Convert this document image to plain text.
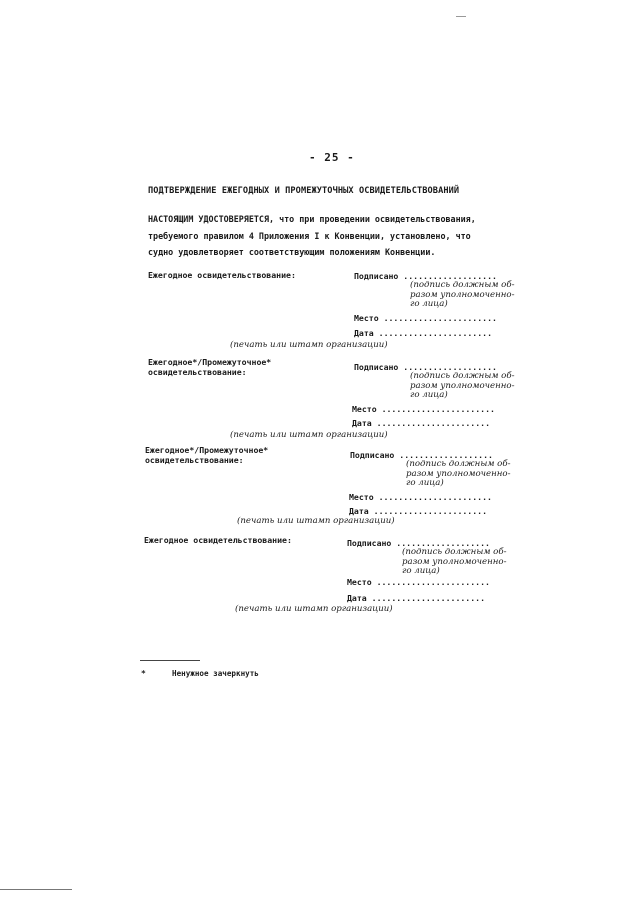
- 25 -
ПОДТВЕРЖДЕНИЕ ЕЖЕГОДНЫХ И ПРОМЕЖУТОЧНЫХ ОСВИДЕТЕЛЬСТВОВАНИЙ
НАСТОЯЩИМ УДОСТОВЕРЯЕТСЯ, что при проведении освидетельствования,
требуемого правилом 4 Приложения I к Конвенции, установлено, что
судно удовлетворяет соответствующим положениям Конвенции.
Ежегодное освидетельствование:	Подписано ...................
(подпись должным об-
разом уполномоченно-
го лица)
Место .......................
Дата .......................
(печать или штамп организации)
Ежегодное*/Промежуточное*
освидетельствование:	Подписано ...................
(подпись должным об-
разом уполномоченно-
го лица)
Место .......................
Дата .......................
(печать или штамп организации)
Ежегодное*/Промежуточное*
освидетельствование:	Подписано ...................
(подпись должным об-
разом уполномоченно-
го лица)
Место .......................
Дата .......................
(печать или штамп организации)
Ежегодное освидетельствование:	Подписано ...................
(подпись должным об-
разом уполномоченно-
го лица)
Место .......................
Дата .......................
(печать или штамп организации)
*	Ненужное зачеркнуть
